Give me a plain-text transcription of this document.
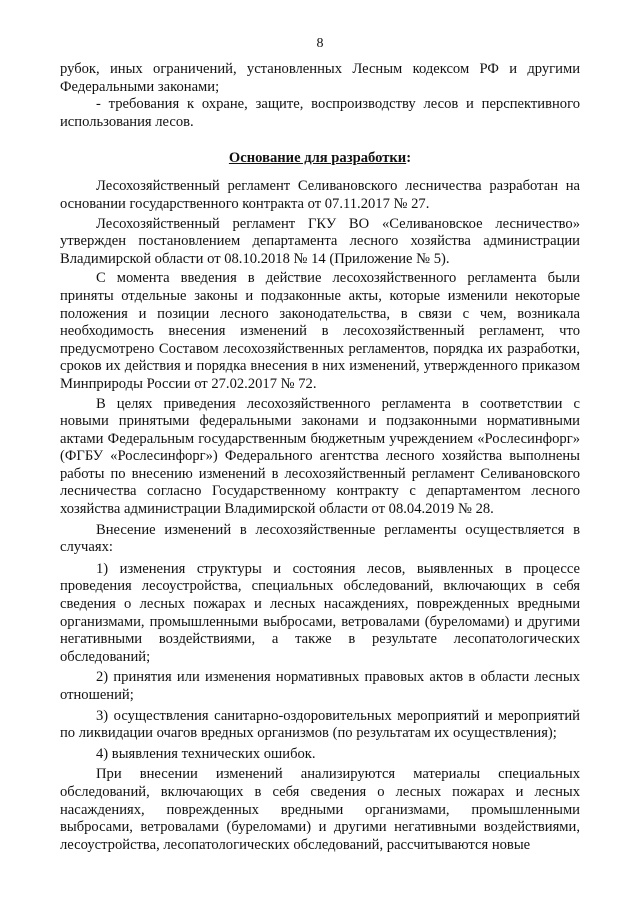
8

рубок, иных ограничений, установленных Лесным кодексом РФ и другими Федеральными законами;

- требования к охране, защите, воспроизводству лесов и перспективного использования лесов.

Основание для разработки:

Лесохозяйственный регламент Селивановского лесничества разработан на основании государственного контракта от 07.11.2017 № 27.

Лесохозяйственный регламент ГКУ ВО «Селивановское лесничество» утвержден постановлением департамента лесного хозяйства администрации Владимирской области от 08.10.2018 № 14 (Приложение № 5).

С момента введения в действие лесохозяйственного регламента были приняты отдельные законы и подзаконные акты, которые изменили некоторые положения и позиции лесного законодательства, в связи с чем, возникала необходимость внесения изменений в лесохозяйственный регламент, что предусмотрено Составом лесохозяйственных регламентов, порядка их разработки, сроков их действия и порядка внесения в них изменений, утвержденного приказом Минприроды России от 27.02.2017 № 72.

В целях приведения лесохозяйственного регламента в соответствии с новыми принятыми федеральными законами и подзаконными нормативными актами Федеральным государственным бюджетным учреждением «Рослесинфорг» (ФГБУ «Рослесинфорг») Федерального агентства лесного хозяйства выполнены работы по внесению изменений в лесохозяйственный регламент Селивановского лесничества согласно Государственному контракту с департаментом лесного хозяйства администрации Владимирской области от 08.04.2019 № 28.

Внесение изменений в лесохозяйственные регламенты осуществляется в случаях:

1) изменения структуры и состояния лесов, выявленных в процессе проведения лесоустройства, специальных обследований, включающих в себя сведения о лесных пожарах и лесных насаждениях, поврежденных вредными организмами, промышленными выбросами, ветровалами (буреломами) и другими негативными воздействиями, а также в результате лесопатологических обследований;

2) принятия или изменения нормативных правовых актов в области лесных отношений;

3) осуществления санитарно-оздоровительных мероприятий и мероприятий по ликвидации очагов вредных организмов (по результатам их осуществления);

4) выявления технических ошибок.

При внесении изменений анализируются материалы специальных обследований, включающих в себя сведения о лесных пожарах и лесных насаждениях, поврежденных вредными организмами, промышленными выбросами, ветровалами (буреломами) и другими негативными воздействиями, лесоустройства, лесопатологических обследований, рассчитываются новые
